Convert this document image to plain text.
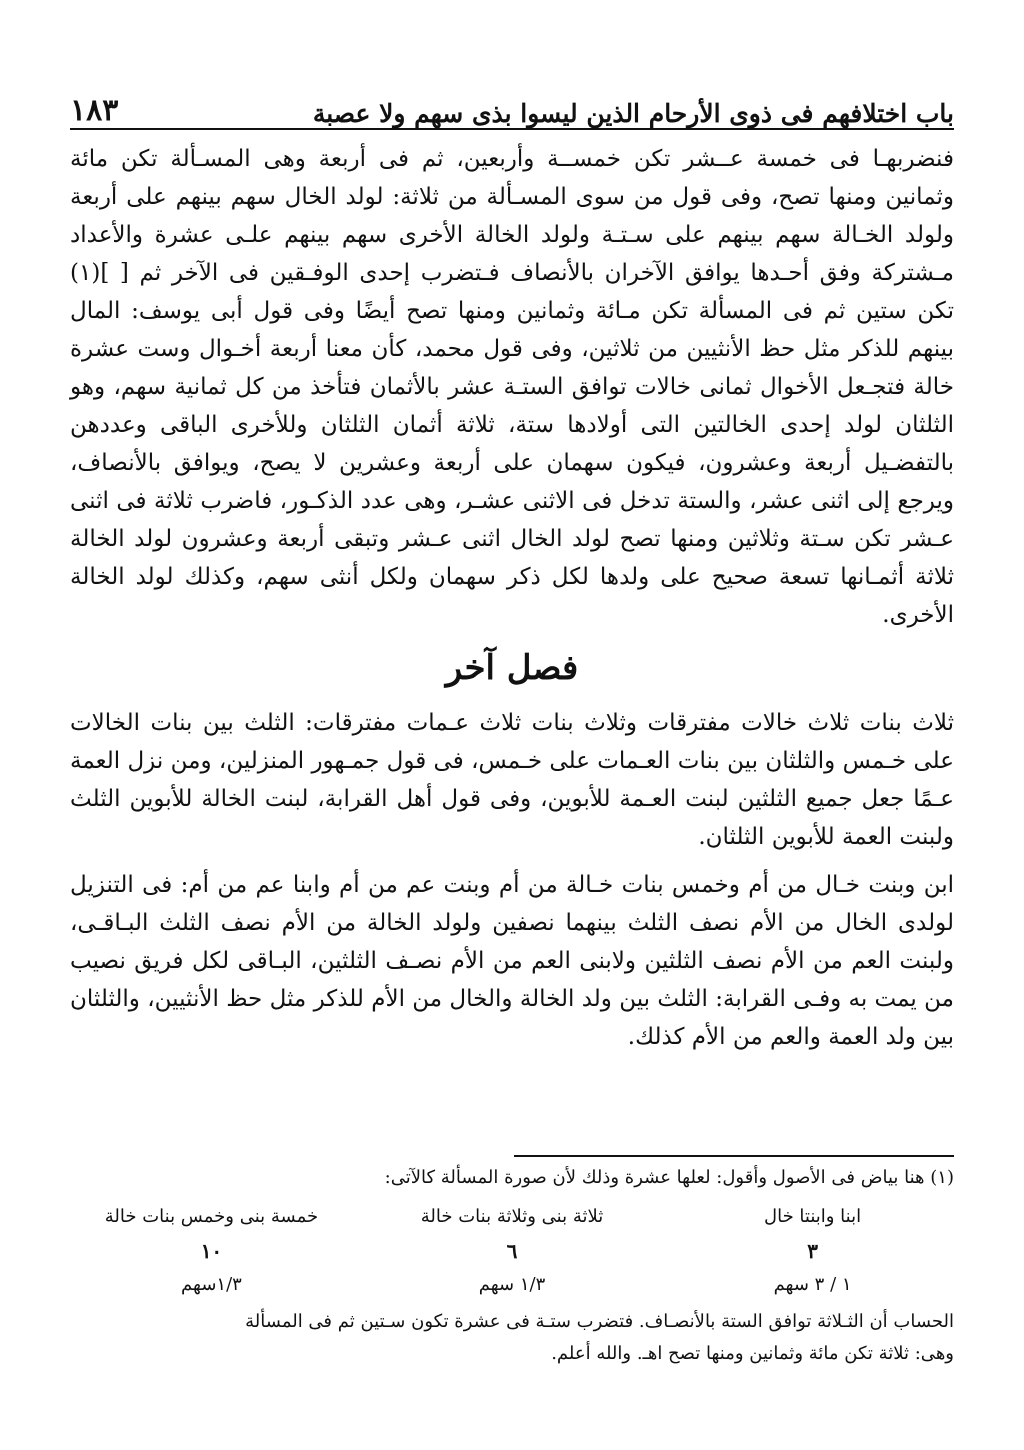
١٨٣	باب اختلافهم فى ذوى الأرحام الذين ليسوا بذى سهم ولا عصبة

فنضربهـا فى خمسة عــشر تكن خمســة وأربعين، ثم فى أربعة وهى المسـألة تكن مائة وثمانين ومنها تصح، وفى قول من سوى المسـألة من ثلاثة: لولد الخال سهم بينهم على أربعة ولولد الخـالة سهم بينهم على سـتـة ولولد الخالة الأخرى سهم بينهم علـى عشرة والأعداد مـشتركة وفق أحـدها يوافق الآخران بالأنصاف فـتضرب إحدى الوفـقين فى الآخر ثم [ ](١) تكن ستين ثم فى المسألة تكن مـائة وثمانين ومنها تصح أيضًا وفى قول أبى يوسف: المال بينهم للذكر مثل حظ الأنثيين من ثلاثين، وفى قول محمد، كأن معنا أربعة أخـوال وست عشرة خالة فتجـعل الأخوال ثمانى خالات توافق الستـة عشر بالأثمان فتأخذ من كل ثمانية سهم، وهو الثلثان لولد إحدى الخالتين التى أولادها ستة، ثلاثة أثمان الثلثان وللأخرى الباقى وعددهن بالتفضـيل أربعة وعشرون، فيكون سهمان على أربعة وعشرين لا يصح، ويوافق بالأنصاف، ويرجع إلى اثنى عشر، والستة تدخل فى الاثنى عشـر، وهى عدد الذكـور، فاضرب ثلاثة فى اثنى عـشر تكن سـتة وثلاثين ومنها تصح لولد الخال اثنى عـشر وتبقى أربعة وعشرون لولد الخالة ثلاثة أثمـانها تسعة صحيح على ولدها لكل ذكر سهمان ولكل أنثى سهم، وكذلك لولد الخالة الأخرى.

فصل آخر

ثلاث بنات ثلاث خالات مفترقات وثلاث بنات ثلاث عـمات مفترقات: الثلث بين بنات الخالات على خـمس والثلثان بين بنات العـمات على خـمس، فى قول جمـهور المنزلين، ومن نزل العمة عـمًا جعل جميع الثلثين لبنت العـمة للأبوين، وفى قول أهل القرابة، لبنت الخالة للأبوين الثلث ولبنت العمة للأبوين الثلثان.

ابن وبنت خـال من أم وخمس بنات خـالة من أم وبنت عم من أم وابنا عم من أم: فى التنزيل لولدى الخال من الأم نصف الثلث بينهما نصفين ولولد الخالة من الأم نصف الثلث البـاقـى، ولبنت العم من الأم نصف الثلثين ولابنى العم من الأم نصـف الثلثين، البـاقى لكل فريق نصيب من يمت به وفـى القرابة: الثلث بين ولد الخالة والخال من الأم للذكر مثل حظ الأنثيين، والثلثان بين ولد العمة والعم من الأم كذلك.

(١) هنا بياض فى الأصول وأقول: لعلها عشرة وذلك لأن صورة المسألة كالآتى:

ابنا وابنتا خال
ثلاثة بنى وثلاثة بنات خالة
خمسة بنى وخمس بنات خالة
٣
٦
١٠
١ / ٣ سهم
١/٣ سهم
١/٣سهم

الحساب أن الثـلاثة توافق الستة بالأنصـاف. فتضرب ستـة فى عشرة تكون سـتين ثم فى المسألة

وهى: ثلاثة تكن مائة وثمانين ومنها تصح اهـ. والله أعلم.
